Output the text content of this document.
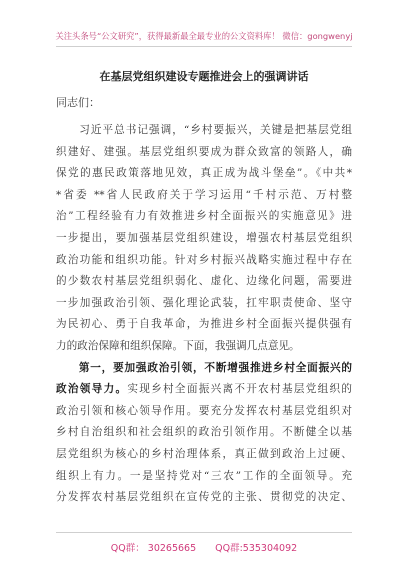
关注头条号“公文研究”，获得最新最全最专业的公文资料库！ 微信：gongwenyj
在基层党组织建设专题推进会上的强调讲话
同志们：
　　习近平总书记强调，“乡村要振兴，关键是把基层党组
织建好、建强。基层党组织要成为群众致富的领路人，确
保党的惠民政策落地见效，真正成为战斗堡垒”。《中共*
*省委 **省人民政府关于学习运用“千村示范、万村整
治”工程经验有力有效推进乡村全面振兴的实施意见》进
一步提出，要加强基层党组织建设，增强农村基层党组织
政治功能和组织功能。针对乡村振兴战略实施过程中存在
的少数农村基层党组织弱化、虚化、边缘化问题，需要进
一步加强政治引领、强化理论武装，扛牢职责使命、坚守
为民初心、勇于自我革命，为推进乡村全面振兴提供强有
力的政治保障和组织保障。下面，我强调几点意见。
　　第一，要加强政治引领，不断增强推进乡村全面振兴的
政治领导力。实现乡村全面振兴离不开农村基层党组织的
政治引领和核心领导作用。要充分发挥农村基层党组织对
乡村自治组织和社会组织的政治引领作用。不断健全以基
层党组织为核心的乡村治理体系，真正做到政治上过硬、
组织上有力。一是坚持党对“三农”工作的全面领导。充
分发挥农村基层党组织在宣传党的主张、贯彻党的决定、
QQ群： 30265665　　QQ群:535304092
